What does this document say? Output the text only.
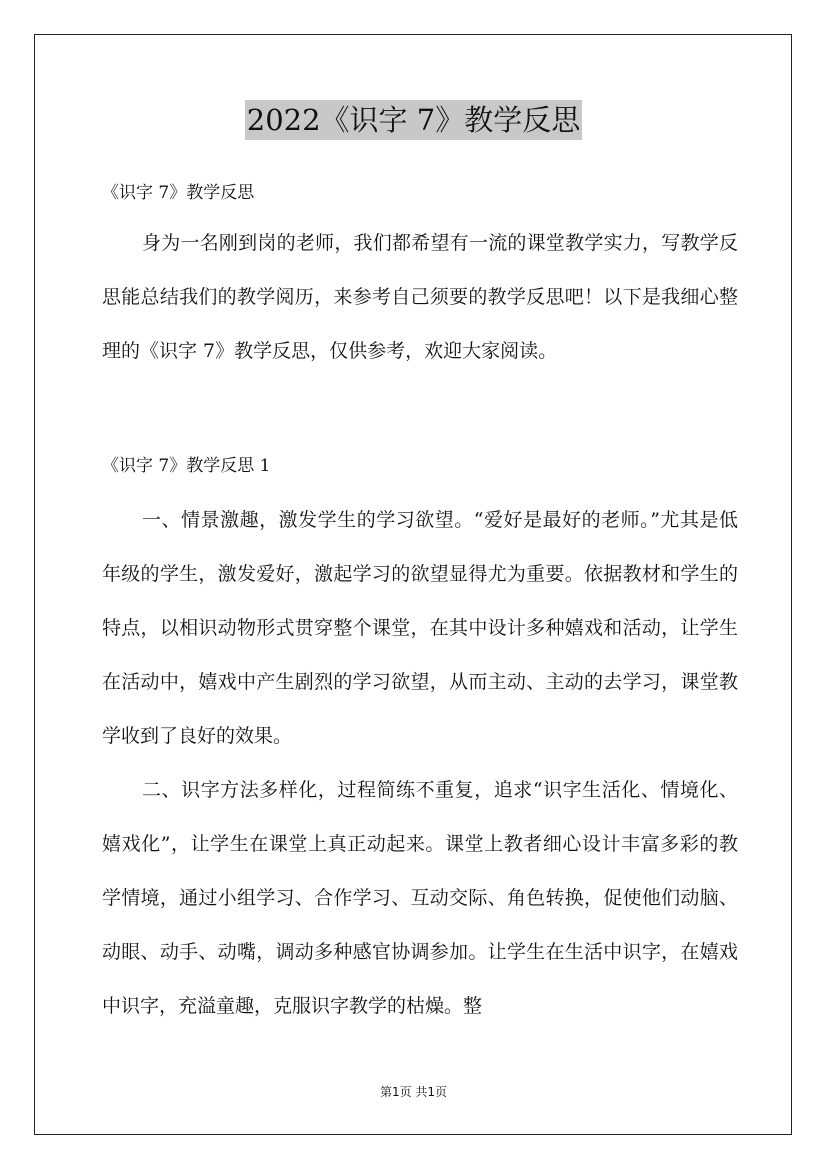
2022《识字 7》教学反思

《识字 7》教学反思

身为一名刚到岗的老师，我们都希望有一流的课堂教学实力，写教学反思能总结我们的教学阅历，来参考自己须要的教学反思吧！以下是我细心整理的《识字 7》教学反思，仅供参考，欢迎大家阅读。

《识字 7》教学反思 1

一、情景激趣，激发学生的学习欲望。“爱好是最好的老师。”尤其是低年级的学生，激发爱好，激起学习的欲望显得尤为重要。依据教材和学生的特点，以相识动物形式贯穿整个课堂，在其中设计多种嬉戏和活动，让学生在活动中，嬉戏中产生剧烈的学习欲望，从而主动、主动的去学习，课堂教学收到了良好的效果。

二、识字方法多样化，过程简练不重复，追求“识字生活化、情境化、嬉戏化”，让学生在课堂上真正动起来。课堂上教者细心设计丰富多彩的教学情境，通过小组学习、合作学习、互动交际、角色转换，促使他们动脑、动眼、动手、动嘴，调动多种感官协调参加。让学生在生活中识字，在嬉戏中识字，充溢童趣，克服识字教学的枯燥。整

第1页 共1页
